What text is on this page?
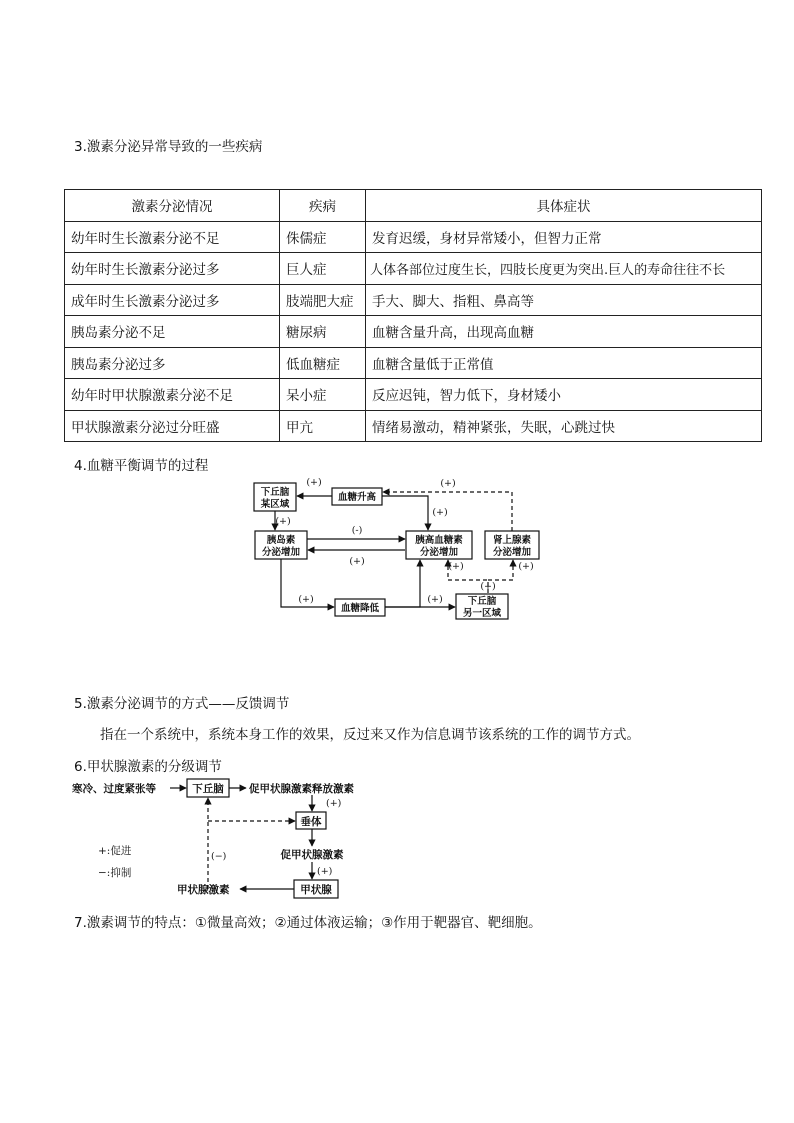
3.激素分泌异常导致的一些疾病
激素分泌情况	疾病	具体症状
幼年时生长激素分泌不足	侏儒症	发育迟缓，身材异常矮小，但智力正常
幼年时生长激素分泌过多	巨人症	人体各部位过度生长，四肢长度更为突出.巨人的寿命往往不长
成年时生长激素分泌过多	肢端肥大症	手大、脚大、指粗、鼻高等
胰岛素分泌不足	糖尿病	血糖含量升高，出现高血糖
胰岛素分泌过多	低血糖症	血糖含量低于正常值
幼年时甲状腺激素分泌不足	呆小症	反应迟钝，智力低下，身材矮小
甲状腺激素分泌过分旺盛	甲亢	情绪易激动，精神紧张，失眠，心跳过快
4.血糖平衡调节的过程
下丘脑
某区域
血糖升高
胰岛素
分泌增加
胰高血糖素
分泌增加
肾上腺素
分泌增加
血糖降低
下丘脑
另一区域
(+)	(+)
(+)
(+)
(-)
(+)
(+)	(+)
(+)	(+)
(+)
5.激素分泌调节的方式——反馈调节
指在一个系统中，系统本身工作的效果，反过来又作为信息调节该系统的工作的调节方式。
6.甲状腺激素的分级调节
寒冷、过度紧张等	下丘脑 促甲状腺激素释放激素
(+)
垂体
促甲状腺激素
(+)
甲状腺
甲状腺激素
(−)
+:促进
−:抑制
7.激素调节的特点：①微量高效；②通过体液运输；③作用于靶器官、靶细胞。
